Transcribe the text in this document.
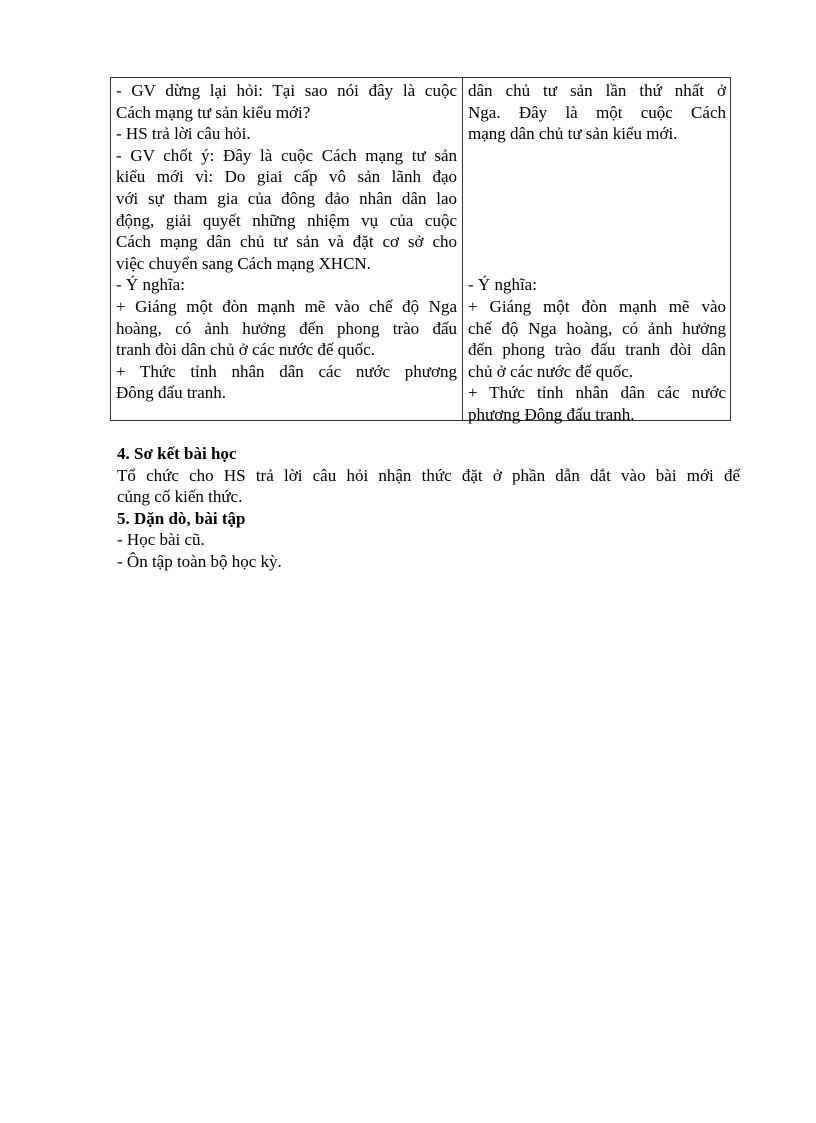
- GV dừng lại hỏi: Tại sao nói đây là cuộc
Cách mạng tư sản kiểu mới?
- HS trả lời câu hỏi.
- GV chốt ý: Đây là cuộc Cách mạng tư sản
kiểu mới vì: Do giai cấp vô sản lãnh đạo
với sự tham gia của đông đảo nhân dân lao
động, giải quyết những nhiệm vụ của cuộc
Cách mạng dân chủ tư sản và đặt cơ sở cho
việc chuyển sang Cách mạng XHCN.
- Ý nghĩa:
+ Giáng một đòn mạnh mẽ vào chế độ Nga
hoàng, có ảnh hưởng đến phong trào đấu
tranh đòi dân chủ ở các nước đế quốc.
+ Thức tỉnh nhân dân các nước phương
Đông đấu tranh.
dân chủ tư sản lần thứ nhất ở
Nga. Đây là một cuộc Cách
mạng dân chủ tư sản kiểu mới.
- Ý nghĩa:
+ Giáng một đòn mạnh mẽ vào
chế độ Nga hoàng, có ảnh hưởng
đến phong trào đấu tranh đòi dân
chủ ở các nước đế quốc.
+ Thức tỉnh nhân dân các nước
phương Đông đấu tranh.
4. Sơ kết bài học
Tổ chức cho HS trả lời câu hỏi nhận thức đặt ở phần dẫn dắt vào bài mới để
củng cố kiến thức.
5. Dặn dò, bài tập
- Học bài cũ.
- Ôn tập toàn bộ học kỳ.
